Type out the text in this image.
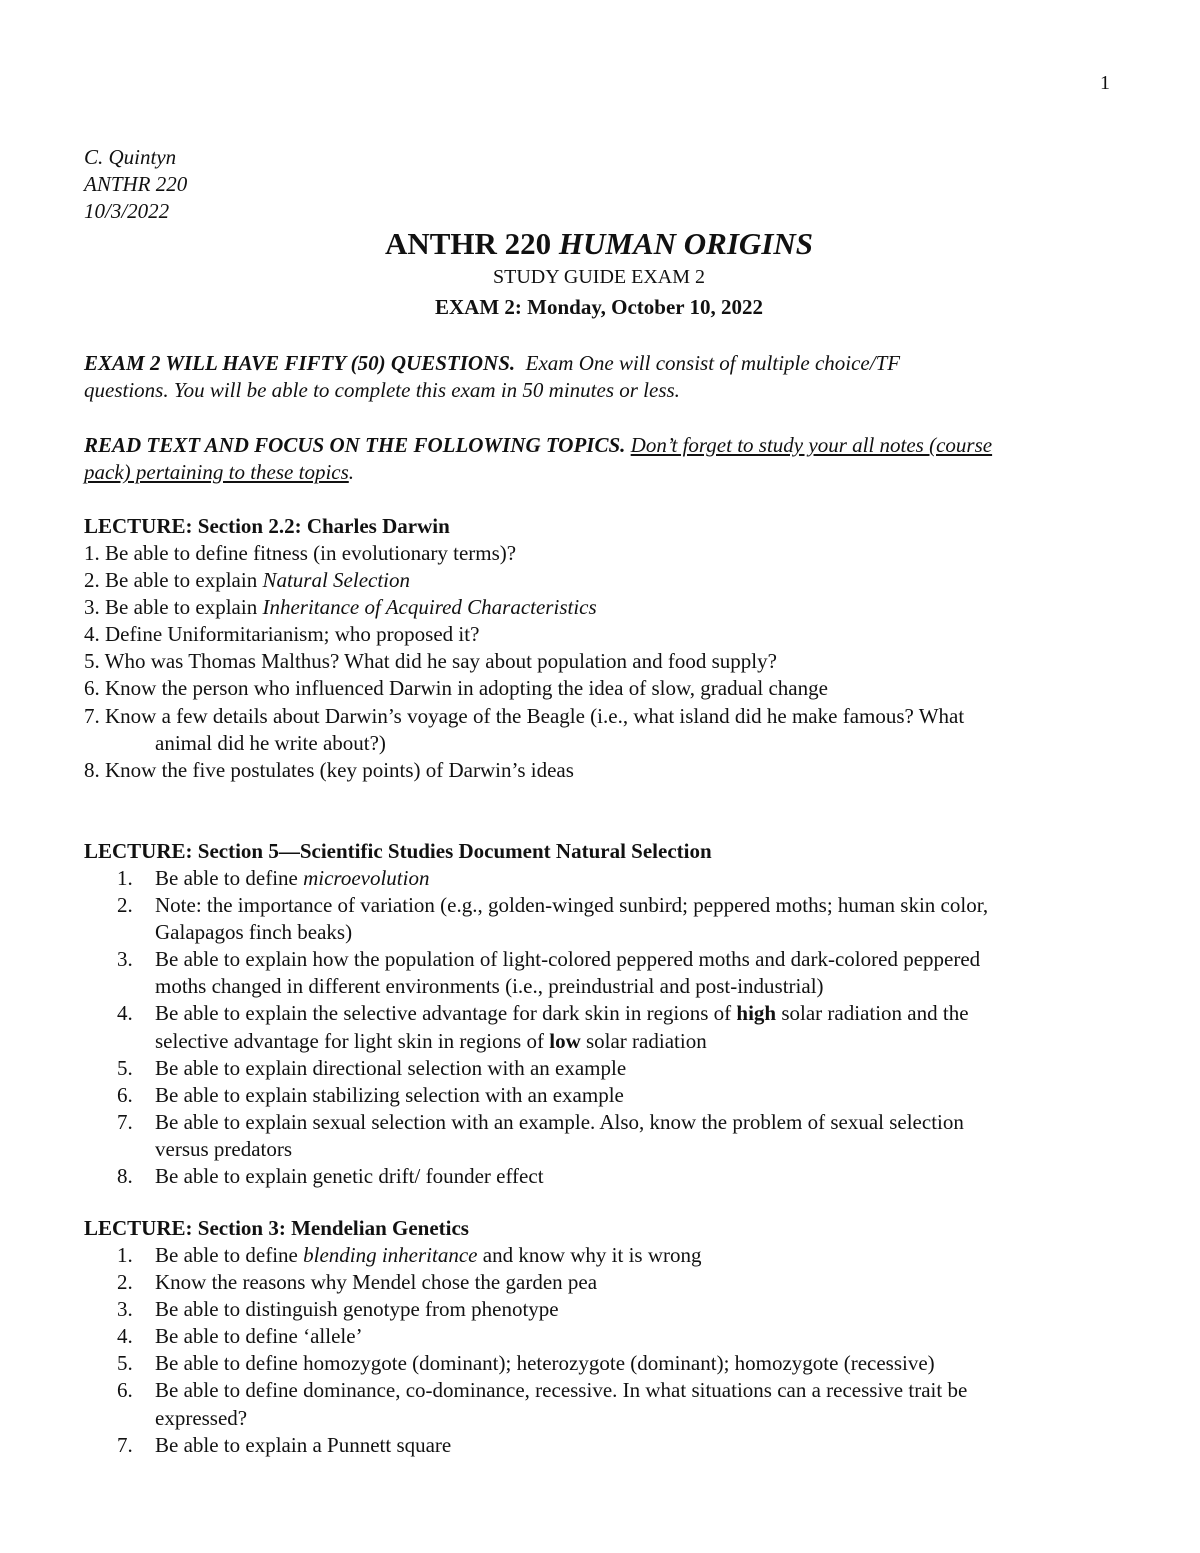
1
C. Quintyn
ANTHR 220
10/3/2022
ANTHR 220 HUMAN ORIGINS
STUDY GUIDE EXAM 2
EXAM 2: Monday, October 10, 2022
EXAM 2 WILL HAVE FIFTY (50) QUESTIONS. Exam One will consist of multiple choice/TF
questions. You will be able to complete this exam in 50 minutes or less.
READ TEXT AND FOCUS ON THE FOLLOWING TOPICS. Don’t forget to study your all notes (course
pack) pertaining to these topics.
LECTURE: Section 2.2: Charles Darwin
1. Be able to define fitness (in evolutionary terms)?
2. Be able to explain Natural Selection
3. Be able to explain Inheritance of Acquired Characteristics
4. Define Uniformitarianism; who proposed it?
5. Who was Thomas Malthus? What did he say about population and food supply?
6. Know the person who influenced Darwin in adopting the idea of slow, gradual change
7. Know a few details about Darwin’s voyage of the Beagle (i.e., what island did he make famous? What
animal did he write about?)
8. Know the five postulates (key points) of Darwin’s ideas
LECTURE: Section 5—Scientific Studies Document Natural Selection
1. Be able to define microevolution
2. Note: the importance of variation (e.g., golden-winged sunbird; peppered moths; human skin color,
Galapagos finch beaks)
3. Be able to explain how the population of light-colored peppered moths and dark-colored peppered
moths changed in different environments (i.e., preindustrial and post-industrial)
4. Be able to explain the selective advantage for dark skin in regions of high solar radiation and the
selective advantage for light skin in regions of low solar radiation
5. Be able to explain directional selection with an example
6. Be able to explain stabilizing selection with an example
7. Be able to explain sexual selection with an example. Also, know the problem of sexual selection
versus predators
8. Be able to explain genetic drift/ founder effect
LECTURE: Section 3: Mendelian Genetics
1. Be able to define blending inheritance and know why it is wrong
2. Know the reasons why Mendel chose the garden pea
3. Be able to distinguish genotype from phenotype
4. Be able to define ‘allele’
5. Be able to define homozygote (dominant); heterozygote (dominant); homozygote (recessive)
6. Be able to define dominance, co-dominance, recessive. In what situations can a recessive trait be
expressed?
7. Be able to explain a Punnett square
